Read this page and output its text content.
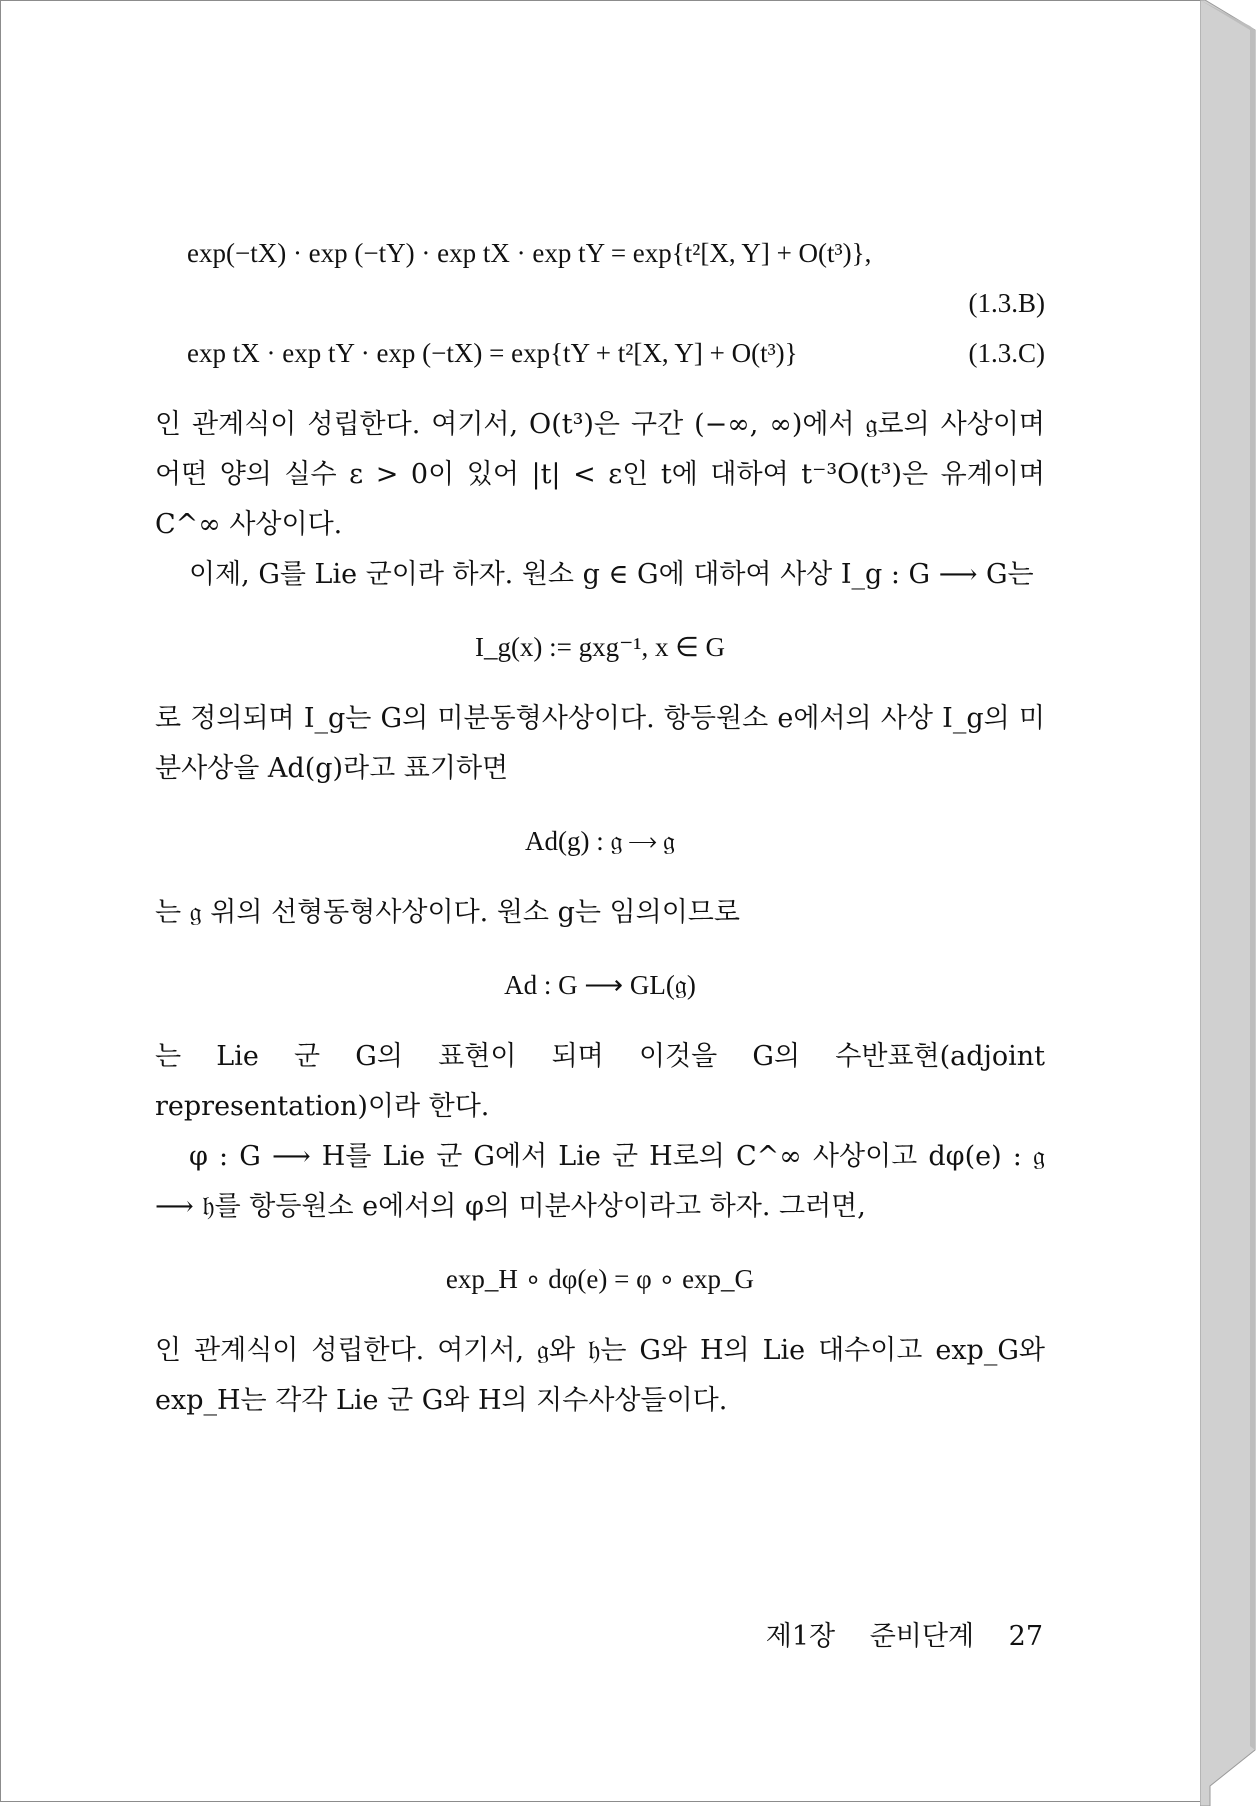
exp(−tX) · exp (−tY) · exp tX · exp tY = exp{t²[X, Y] + O(t³)},
(1.3.B)
exp tX · exp tY · exp (−tX) = exp{tY + t²[X, Y] + O(t³)}	(1.3.C)

인 관계식이 성립한다. 여기서, O(t³)은 구간 (−∞, ∞)에서 𝔤로의 사상이며 어떤 양의 실수 ε > 0이 있어 |t| < ε인 t에 대하여 t⁻³O(t³)은 유계이며 C^∞ 사상이다.

이제, G를 Lie 군이라 하자. 원소 g ∈ G에 대하여 사상 I_g : G ⟶ G는

I_g(x) := gxg⁻¹, x ∈ G

로 정의되며 I_g는 G의 미분동형사상이다. 항등원소 e에서의 사상 I_g의 미분사상을 Ad(g)라고 표기하면

Ad(g) : 𝔤 ⟶ 𝔤

는 𝔤 위의 선형동형사상이다. 원소 g는 임의이므로

Ad : G ⟶ GL(𝔤)

는 Lie 군 G의 표현이 되며 이것을 G의 수반표현(adjoint representation)이라 한다.

φ : G ⟶ H를 Lie 군 G에서 Lie 군 H로의 C^∞ 사상이고 dφ(e) : 𝔤 ⟶ 𝔥를 항등원소 e에서의 φ의 미분사상이라고 하자. 그러면,

exp_H ∘ dφ(e) = φ ∘ exp_G

인 관계식이 성립한다. 여기서, 𝔤와 𝔥는 G와 H의 Lie 대수이고 exp_G와 exp_H는 각각 Lie 군 G와 H의 지수사상들이다.

제1장 준비단계 27
